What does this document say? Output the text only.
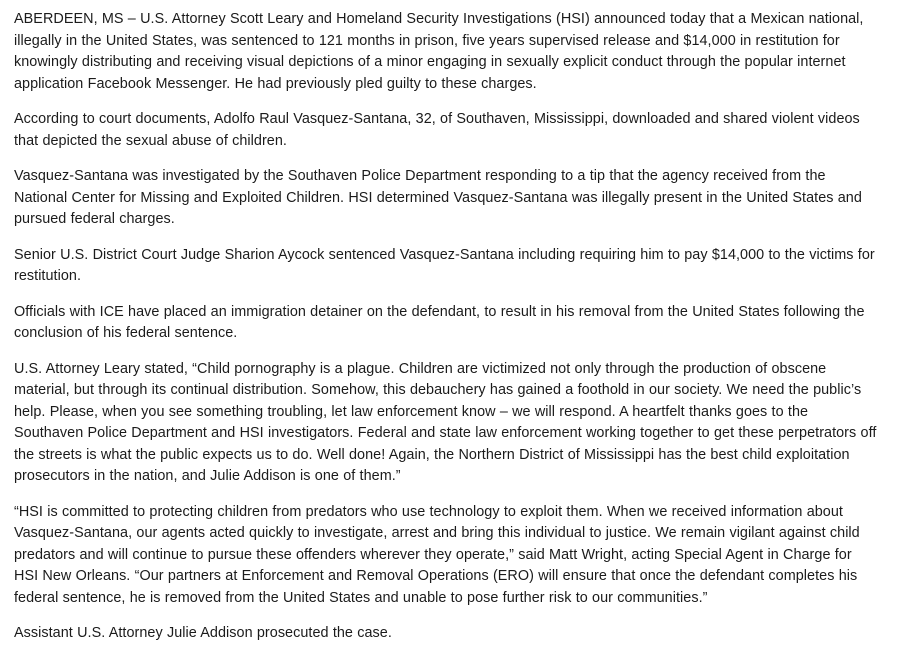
ABERDEEN, MS – U.S. Attorney Scott Leary and Homeland Security Investigations (HSI) announced today that a Mexican national, illegally in the United States, was sentenced to 121 months in prison, five years supervised release and $14,000 in restitution for knowingly distributing and receiving visual depictions of a minor engaging in sexually explicit conduct through the popular internet application Facebook Messenger. He had previously pled guilty to these charges.

According to court documents, Adolfo Raul Vasquez-Santana, 32, of Southaven, Mississippi, downloaded and shared violent videos that depicted the sexual abuse of children.

Vasquez-Santana was investigated by the Southaven Police Department responding to a tip that the agency received from the National Center for Missing and Exploited Children. HSI determined Vasquez-Santana was illegally present in the United States and pursued federal charges.

Senior U.S. District Court Judge Sharion Aycock sentenced Vasquez-Santana including requiring him to pay $14,000 to the victims for restitution.

Officials with ICE have placed an immigration detainer on the defendant, to result in his removal from the United States following the conclusion of his federal sentence.

U.S. Attorney Leary stated, “Child pornography is a plague. Children are victimized not only through the production of obscene material, but through its continual distribution. Somehow, this debauchery has gained a foothold in our society. We need the public’s help. Please, when you see something troubling, let law enforcement know – we will respond. A heartfelt thanks goes to the Southaven Police Department and HSI investigators. Federal and state law enforcement working together to get these perpetrators off the streets is what the public expects us to do. Well done! Again, the Northern District of Mississippi has the best child exploitation prosecutors in the nation, and Julie Addison is one of them.”

“HSI is committed to protecting children from predators who use technology to exploit them. When we received information about Vasquez-Santana, our agents acted quickly to investigate, arrest and bring this individual to justice. We remain vigilant against child predators and will continue to pursue these offenders wherever they operate,” said Matt Wright, acting Special Agent in Charge for HSI New Orleans. “Our partners at Enforcement and Removal Operations (ERO) will ensure that once the defendant completes his federal sentence, he is removed from the United States and unable to pose further risk to our communities.”

Assistant U.S. Attorney Julie Addison prosecuted the case.
